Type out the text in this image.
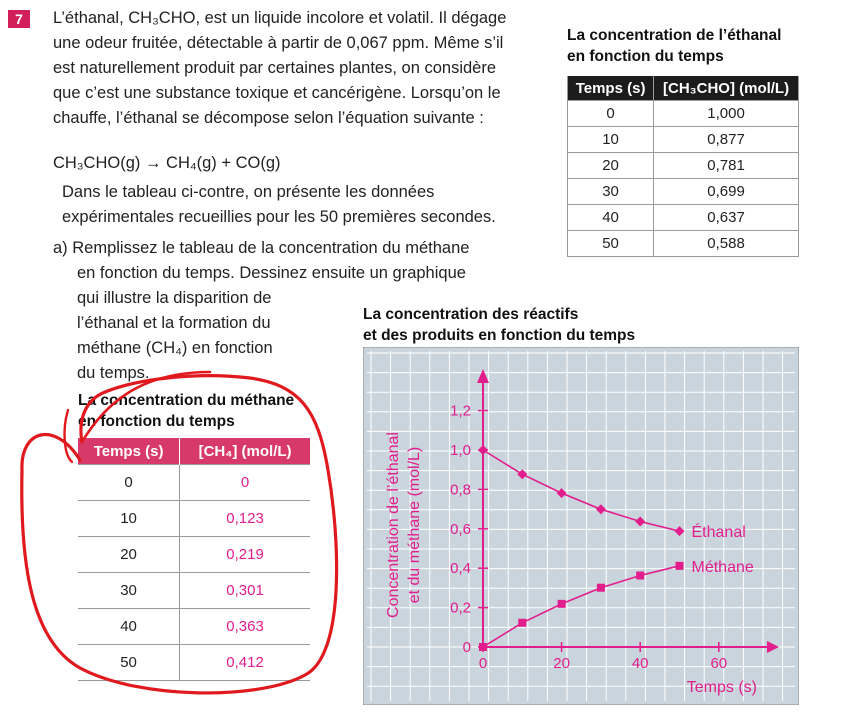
7	L’éthanal, CH₃CHO, est un liquide incolore et volatil. Il dégage
une odeur fruitée, détectable à partir de 0,067 ppm. Même s’il
est naturellement produit par certaines plantes, on considère
que c’est une substance toxique et cancérigène. Lorsqu’on le
chauffe, l’éthanal se décompose selon l’équation suivante :
CH₃CHO(g) → CH₄(g) + CO(g)
Dans le tableau ci-contre, on présente les données
expérimentales recueillies pour les 50 premières secondes.
a) Remplissez le tableau de la concentration du méthane
en fonction du temps. Dessinez ensuite un graphique
qui illustre la disparition de
l’éthanal et la formation du
méthane (CH₄) en fonction
du temps.
La concentration de l’éthanal
en fonction du temps
Temps (s)	[CH₃CHO] (mol/L)
0	1,000
10	0,877
20	0,781
30	0,699
40	0,637
50	0,588
La concentration du méthane
en fonction du temps
Temps (s)	[CH₄] (mol/L)
0	0
10	0,123
20	0,219
30	0,301
40	0,363
50	0,412
La concentration des réactifs
et des produits en fonction du temps
0
0,2
0,4
0,6
0,8
1,0
1,2
0	20	40	60
Temps (s)
Concentration de l’éthanal et du méthane (mol/L)	Éthanal
Méthane
